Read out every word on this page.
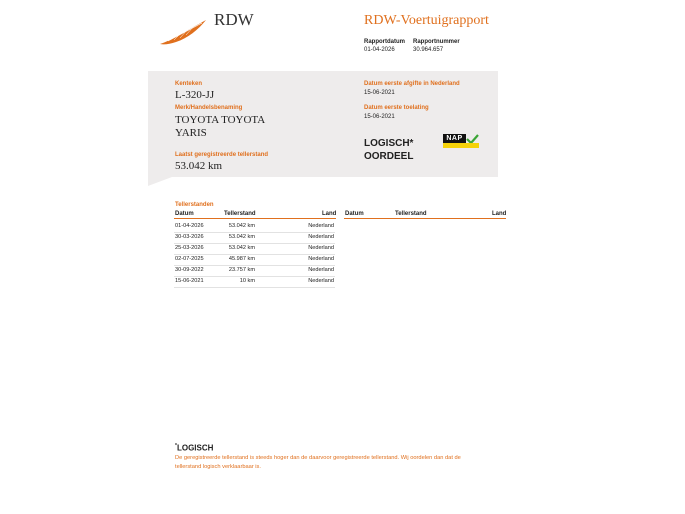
RDW	RDW-Voertuigrapport
Rapportdatum
01-04-2026
Rapportnummer
30.964.657
Kenteken
L-320-JJ
Merk/Handelsbenaming
TOYOTA TOYOTA
YARIS
Laatst geregistreerde tellerstand
53.042 km
Datum eerste afgifte in Nederland
15-06-2021
Datum eerste toelating
15-06-2021
LOGISCH*
OORDEEL
NAP
Tellerstanden
Datum	Tellerstand	Land Datum	Tellerstand	Land
01-04-2026	53.042 km	Nederland
30-03-2026	53.042 km	Nederland
25-03-2026	53.042 km	Nederland
02-07-2025	45.987 km	Nederland
30-09-2022	23.757 km	Nederland
15-06-2021	10 km	Nederland
*LOGISCH
De geregistreerde tellerstand is steeds hoger dan de daarvoor geregistreerde tellerstand. Wij oordelen dan dat de
tellerstand logisch verklaarbaar is.
